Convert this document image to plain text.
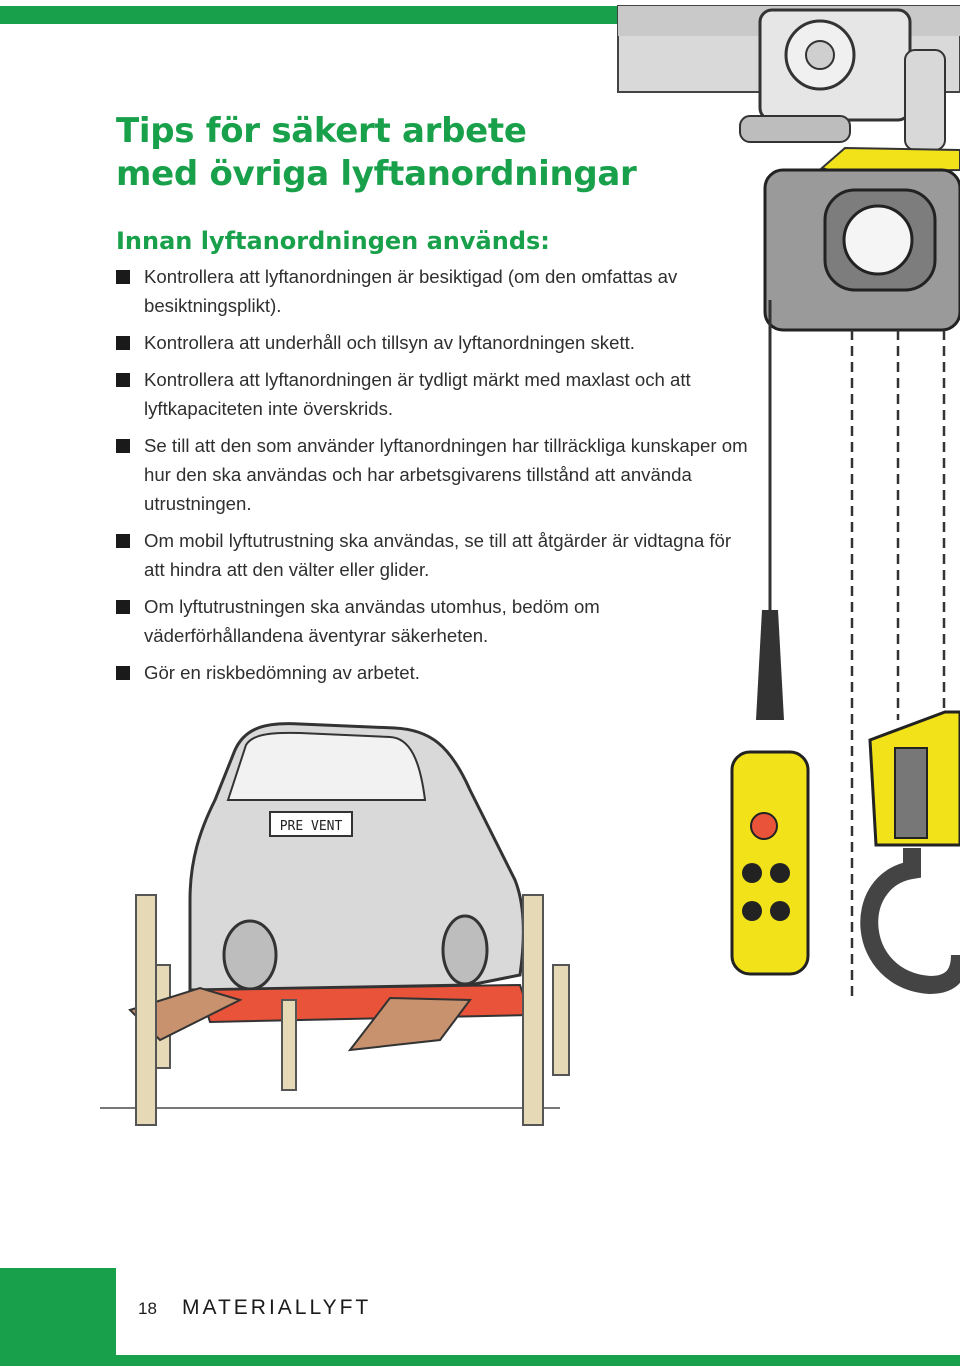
PRE VENT
Tips för säkert arbete
med övriga lyftanordningar
Innan lyftanordningen används:
Kontrollera att lyftanordningen är besiktigad (om den omfattas av besiktningsplikt).
Kontrollera att underhåll och tillsyn av lyftanordningen skett.
Kontrollera att lyftanordningen är tydligt märkt med maxlast och att lyftkapaciteten inte överskrids.
Se till att den som använder lyftanordningen har tillräckliga kunskaper om hur den ska användas och har arbetsgivarens tillstånd att använda utrustningen.
Om mobil lyftutrustning ska användas, se till att åtgärder är vidtagna för att hindra att den välter eller glider.
Om lyftutrustningen ska användas utomhus, bedöm om väderförhållandena äventyrar säkerheten.
Gör en riskbedömning av arbetet.
18 MATERIALLYFT
